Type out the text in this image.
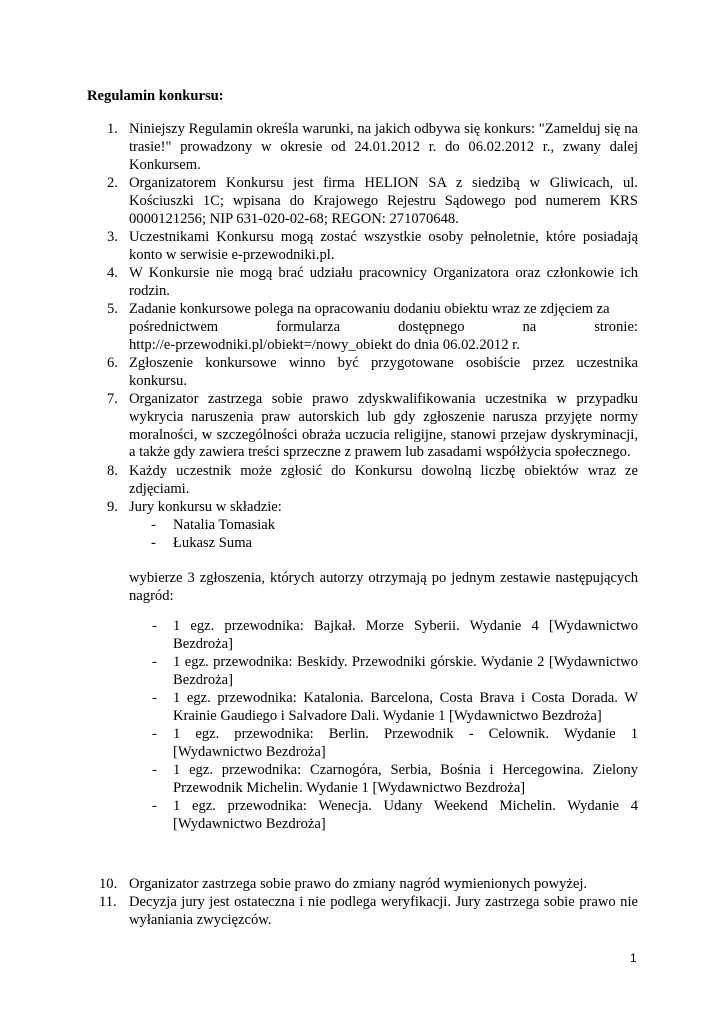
Regulamin konkursu:
1. Niniejszy Regulamin określa warunki, na jakich odbywa się konkurs: "Zamelduj się na trasie!" prowadzony w okresie od 24.01.2012 r. do 06.02.2012 r., zwany dalej Konkursem.
2. Organizatorem Konkursu jest firma HELION SA z siedzibą w Gliwicach, ul. Kościuszki 1C; wpisana do Krajowego Rejestru Sądowego pod numerem KRS 0000121256; NIP 631-020-02-68; REGON: 271070648.
3. Uczestnikami Konkursu mogą zostać wszystkie osoby pełnoletnie, które posiadają konto w serwisie e-przewodniki.pl.
4. W Konkursie nie mogą brać udziału pracownicy Organizatora oraz członkowie ich rodzin.
5. Zadanie konkursowe polega na opracowaniu dodaniu obiektu wraz ze zdjęciem za
pośrednictwem	formularza	dostępnego	na	stronie:
http://e-przewodniki.pl/obiekt=/nowy_obiekt do dnia 06.02.2012 r.
6. Zgłoszenie konkursowe winno być przygotowane osobiście przez uczestnika konkursu.
7. Organizator zastrzega sobie prawo zdyskwalifikowania uczestnika w przypadku wykrycia naruszenia praw autorskich lub gdy zgłoszenie narusza przyjęte normy moralności, w szczególności obraża uczucia religijne, stanowi przejaw dyskryminacji, a także gdy zawiera treści sprzeczne z prawem lub zasadami współżycia społecznego.
8. Każdy uczestnik może zgłosić do Konkursu dowolną liczbę obiektów wraz ze zdjęciami.
9. Jury konkursu w składzie:
- Natalia Tomasiak
- Łukasz Suma
wybierze 3 zgłoszenia, których autorzy otrzymają po jednym zestawie następujących nagród:
- 1 egz. przewodnika: Bajkał. Morze Syberii. Wydanie 4 [Wydawnictwo Bezdroża]
- 1 egz. przewodnika: Beskidy. Przewodniki górskie. Wydanie 2 [Wydawnictwo Bezdroża]
- 1 egz. przewodnika: Katalonia. Barcelona, Costa Brava i Costa Dorada. W Krainie Gaudiego i Salvadore Dali. Wydanie 1 [Wydawnictwo Bezdroża]
- 1 egz. przewodnika: Berlin. Przewodnik - Celownik. Wydanie 1 [Wydawnictwo Bezdroża]
- 1 egz. przewodnika: Czarnogóra, Serbia, Bośnia i Hercegowina. Zielony Przewodnik Michelin. Wydanie 1 [Wydawnictwo Bezdroża]
- 1 egz. przewodnika: Wenecja. Udany Weekend Michelin. Wydanie 4 [Wydawnictwo Bezdroża]
10. Organizator zastrzega sobie prawo do zmiany nagród wymienionych powyżej.
11. Decyzja jury jest ostateczna i nie podlega weryfikacji. Jury zastrzega sobie prawo nie wyłaniania zwycięzców.
1
